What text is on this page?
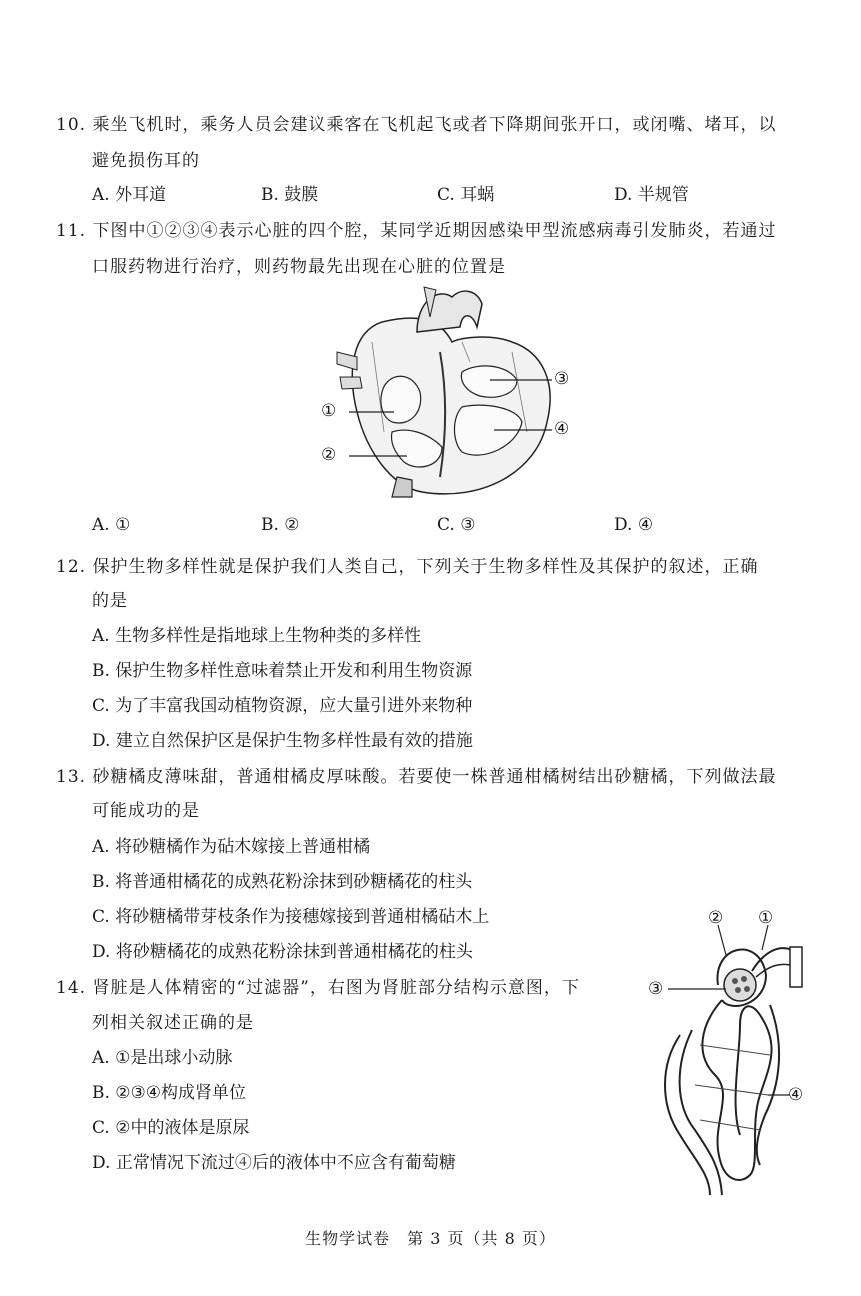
10. 乘坐飞机时，乘务人员会建议乘客在飞机起飞或者下降期间张开口，或闭嘴、堵耳，以
避免损伤耳的
A. 外耳道	B. 鼓膜	C. 耳蜗	D. 半规管
11. 下图中①②③④表示心脏的四个腔，某同学近期因感染甲型流感病毒引发肺炎，若通过
口服药物进行治疗，则药物最先出现在心脏的位置是
①
②
③
④
A. ①	B. ②	C. ③	D. ④
12. 保护生物多样性就是保护我们人类自己，下列关于生物多样性及其保护的叙述，正确
的是
A. 生物多样性是指地球上生物种类的多样性
B. 保护生物多样性意味着禁止开发和利用生物资源
C. 为了丰富我国动植物资源，应大量引进外来物种
D. 建立自然保护区是保护生物多样性最有效的措施
13. 砂糖橘皮薄味甜，普通柑橘皮厚味酸。若要使一株普通柑橘树结出砂糖橘，下列做法最
可能成功的是
A. 将砂糖橘作为砧木嫁接上普通柑橘
B. 将普通柑橘花的成熟花粉涂抹到砂糖橘花的柱头
C. 将砂糖橘带芽枝条作为接穗嫁接到普通柑橘砧木上
D. 将砂糖橘花的成熟花粉涂抹到普通柑橘花的柱头
14. 肾脏是人体精密的“过滤器”，右图为肾脏部分结构示意图，下
列相关叙述正确的是
A. ①是出球小动脉
B. ②③④构成肾单位
C. ②中的液体是原尿
D. 正常情况下流过④后的液体中不应含有葡萄糖
② ①
③
④
生物学试卷　第 3 页（共 8 页）
